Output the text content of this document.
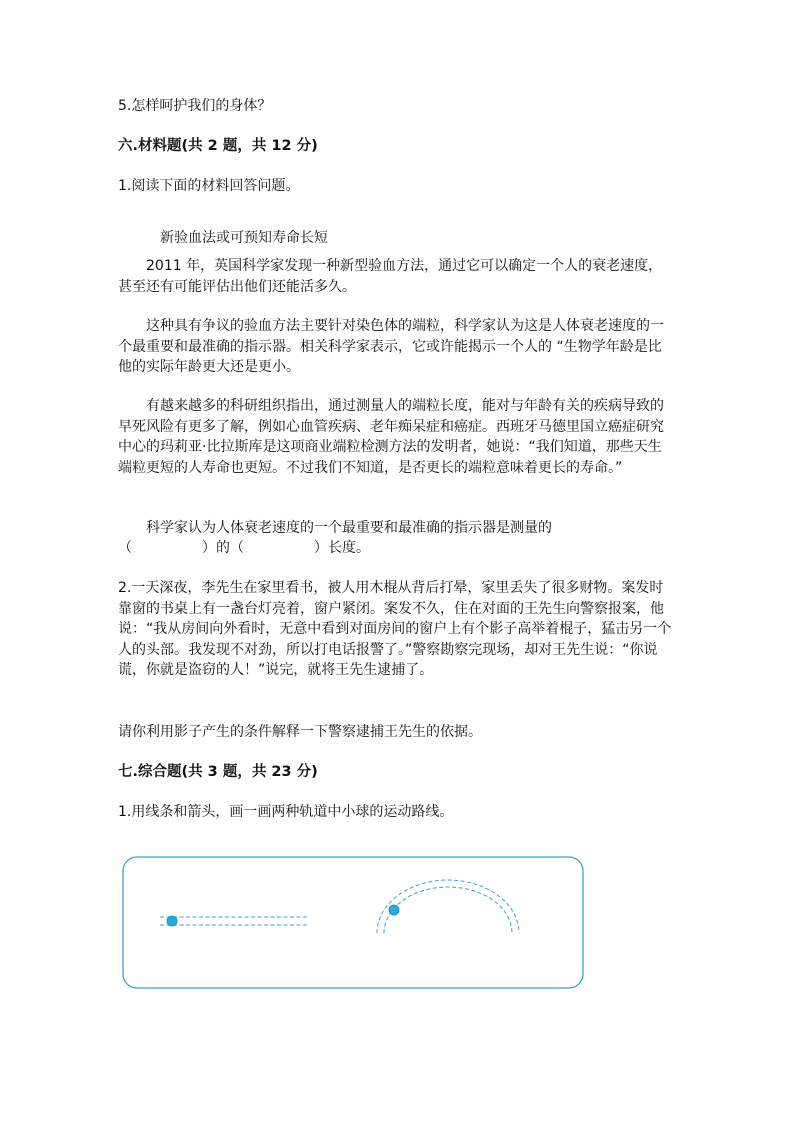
5.怎样呵护我们的身体？

六.材料题(共 2 题，共 12 分)

1.阅读下面的材料回答问题。

新验血法或可预知寿命长短

2011 年，英国科学家发现一种新型验血方法，通过它可以确定一个人的衰老速度，甚至还有可能评估出他们还能活多久。

这种具有争议的验血方法主要针对染色体的端粒，科学家认为这是人体衰老速度的一个最重要和最准确的指示器。相关科学家表示，它或许能揭示一个人的 “生物学年龄是比他的实际年龄更大还是更小。

有越来越多的科研组织指出，通过测量人的端粒长度，能对与年龄有关的疾病导致的早死风险有更多了解，例如心血管疾病、老年痴呆症和癌症。西班牙马德里国立癌症研究中心的玛莉亚·比拉斯库是这项商业端粒检测方法的发明者，她说：“我们知道，那些天生端粒更短的人寿命也更短。不过我们不知道，是否更长的端粒意味着更长的寿命。”

科学家认为人体衰老速度的一个最重要和最准确的指示器是测量的

（　　　　　）的（　　　　　）长度。

2.一天深夜，李先生在家里看书，被人用木棍从背后打晕，家里丢失了很多财物。案发时靠窗的书桌上有一盏台灯亮着，窗户紧闭。案发不久，住在对面的王先生向警察报案，他说：“我从房间向外看时，无意中看到对面房间的窗户上有个影子高举着棍子，猛击另一个人的头部。我发现不对劲，所以打电话报警了。”警察勘察完现场，却对王先生说：“你说谎，你就是盗窃的人！”说完，就将王先生逮捕了。

请你利用影子产生的条件解释一下警察逮捕王先生的依据。

七.综合题(共 3 题，共 23 分)

1.用线条和箭头，画一画两种轨道中小球的运动路线。
